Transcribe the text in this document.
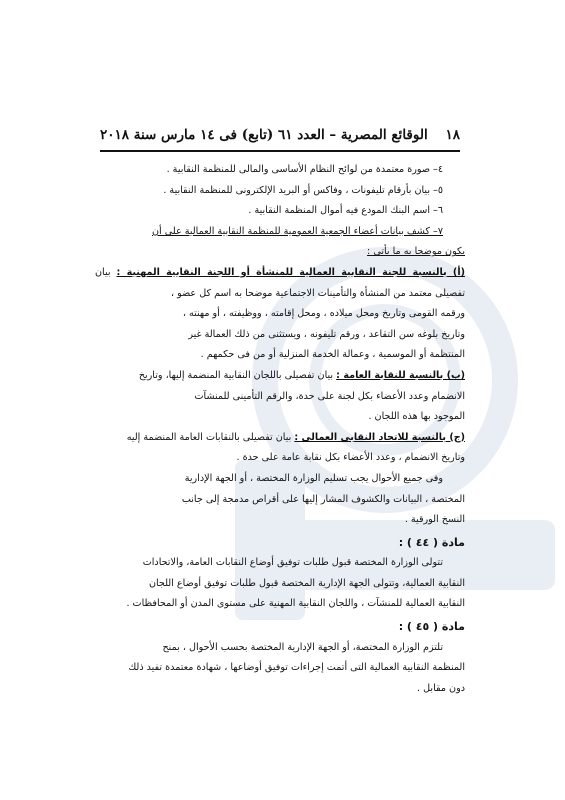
١٨
الوقائع المصرية – العدد ٦١ (تابع) فى ١٤ مارس سنة ٢٠١٨

٤– صورة معتمدة من لوائح النظام الأساسى والمالى للمنظمة النقابية .

٥– بيان بأرقام تليفونات ، وفاكس أو البريد الإلكترونى للمنظمة النقابية .

٦– اسم البنك المودع فيه أموال المنظمة النقابية .

٧– كشف بيانات أعضاء الجمعية العمومية للمنظمة النقابية العمالية على أن

يكون موضحا به ما يأتى :

(أ) بالنسبة للجنة النقابية العمالية للمنشأة أو اللجنة النقابية المهنية : بيان تفصيلى معتمد من المنشأة والتأمينات الاجتماعية موضحا به اسم كل عضو ،

ورقمه القومى وتاريخ ومحل ميلاده ، ومحل إقامته ، ووظيفته ، أو مهنته ،

وتاريخ بلوغه سن التقاعد ، ورقم تليفونه ، ويستثنى من ذلك العمالة غير

المنتظمة أو الموسمية ، وعمالة الخدمة المنزلية أو من فى حكمهم .

(ب) بالنسبة للنقابة العامة : بيان تفصيلى باللجان النقابية المنضمة إليها، وتاريخ

الانضمام وعدد الأعضاء بكل لجنة على حدة، والرقم التأمينى للمنشآت

الموجود بها هذه اللجان .

(ج) بالنسبة للاتحاد النقابى العمالى : بيان تفصيلى بالنقابات العامة المنضمة إليه

وتاريخ الانضمام ، وعدد الأعضاء بكل نقابة عامة على حدة .

وفى جميع الأحوال يجب تسليم الوزارة المختصة ، أو الجهة الإدارية

المختصة ، البيانات والكشوف المشار إليها على أقراص مدمجة إلى جانب

النسخ الورقية .

مادة ( ٤٤ ) :

تتولى الوزارة المختصة قبول طلبات توفيق أوضاع النقابات العامة، والاتحادات

النقابية العمالية، وتتولى الجهة الإدارية المختصة قبول طلبات توفيق أوضاع اللجان

النقابية العمالية للمنشآت ، واللجان النقابية المهنية على مستوى المدن أو المحافظات .

مادة ( ٤٥ ) :

تلتزم الوزارة المختصة، أو الجهة الإدارية المختصة بحسب الأحوال ، بمنح

المنظمة النقابية العمالية التى أتمت إجراءات توفيق أوضاعها ، شهادة معتمدة تفيد ذلك

دون مقابل .
